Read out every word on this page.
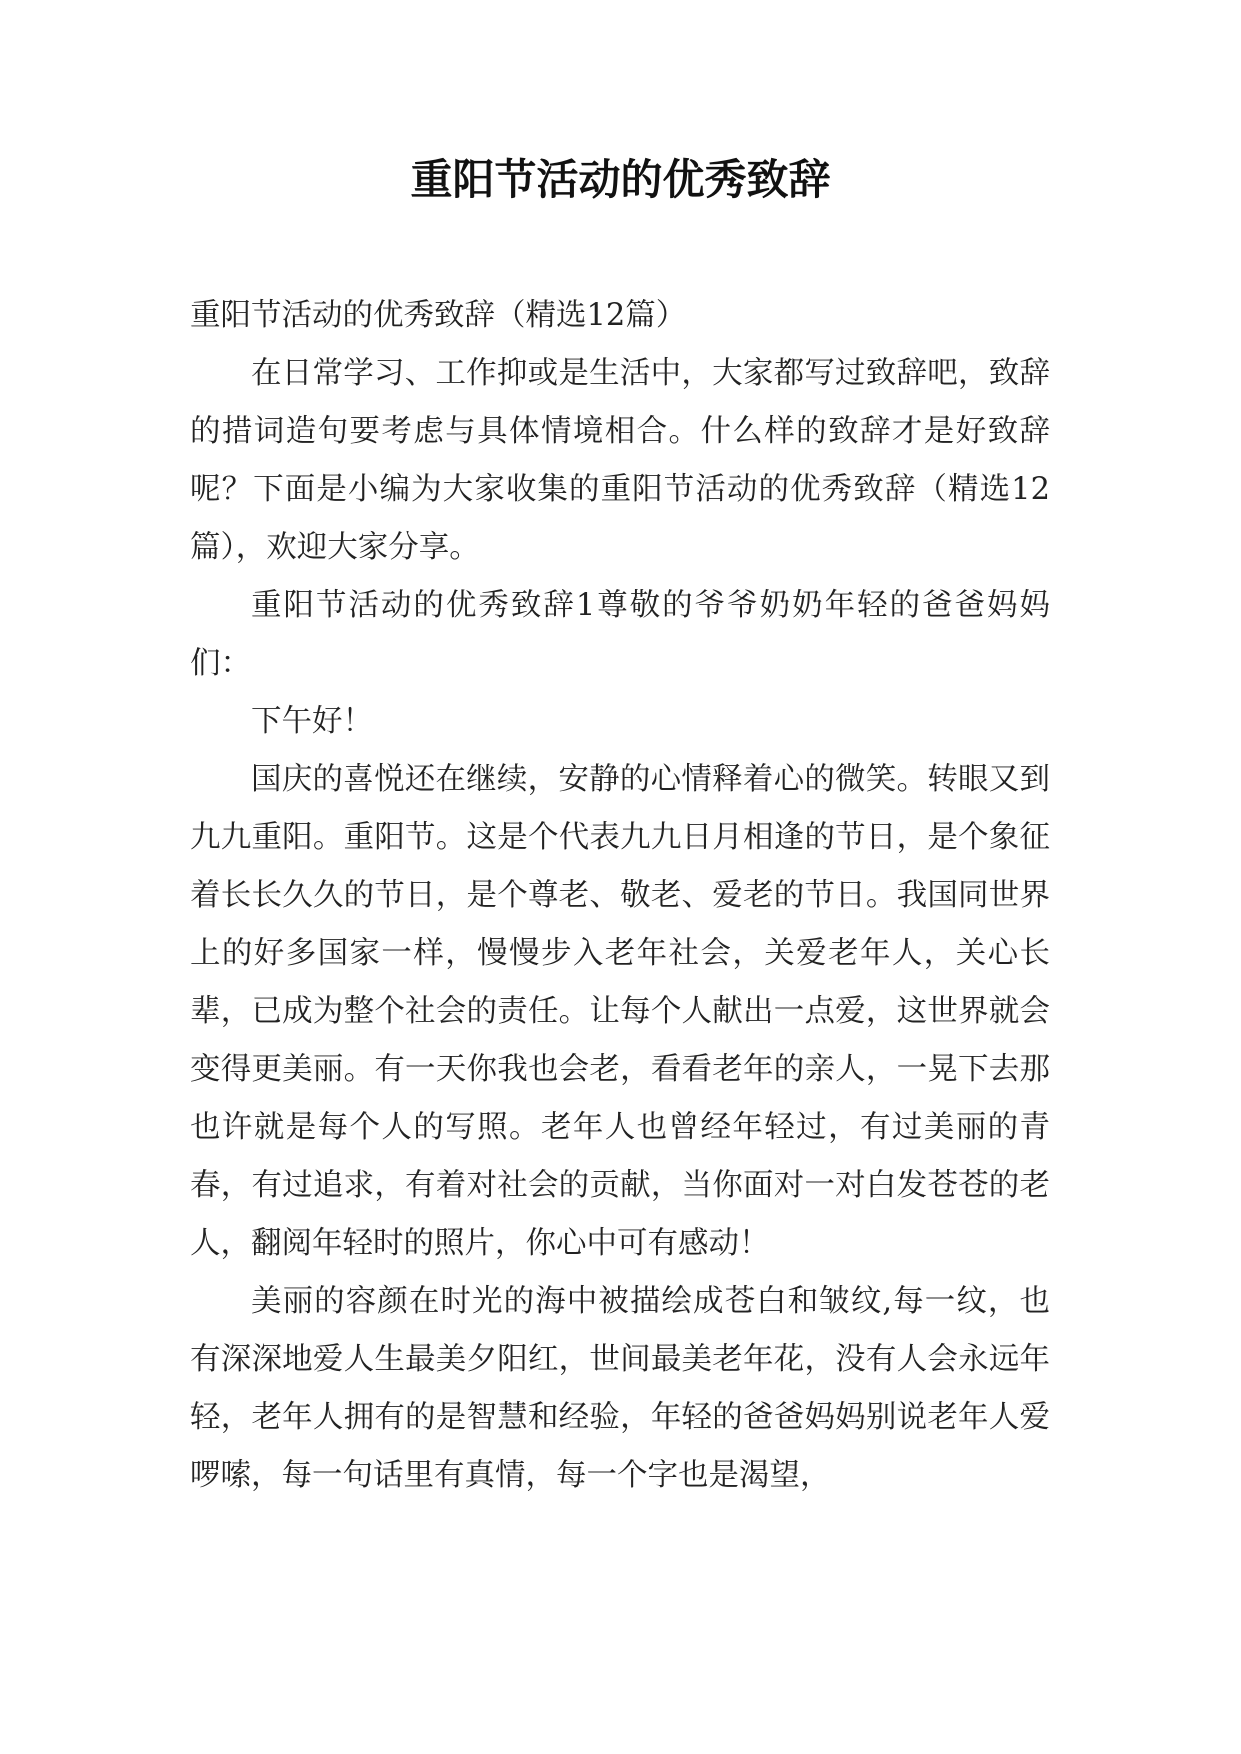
重阳节活动的优秀致辞

重阳节活动的优秀致辞（精选12篇）

在日常学习、工作抑或是生活中，大家都写过致辞吧，致辞的措词造句要考虑与具体情境相合。什么样的致辞才是好致辞呢？下面是小编为大家收集的重阳节活动的优秀致辞（精选12篇），欢迎大家分享。

重阳节活动的优秀致辞1尊敬的爷爷奶奶年轻的爸爸妈妈们：

下午好！

国庆的喜悦还在继续，安静的心情释着心的微笑。转眼又到九九重阳。重阳节。这是个代表九九日月相逢的节日，是个象征着长长久久的节日，是个尊老、敬老、爱老的节日。我国同世界上的好多国家一样，慢慢步入老年社会，关爱老年人，关心长辈，已成为整个社会的责任。让每个人献出一点爱，这世界就会变得更美丽。有一天你我也会老，看看老年的亲人，一晃下去那也许就是每个人的写照。老年人也曾经年轻过，有过美丽的青春，有过追求，有着对社会的贡献，当你面对一对白发苍苍的老人，翻阅年轻时的照片，你心中可有感动！

美丽的容颜在时光的海中被描绘成苍白和皱纹,每一纹，也有深深地爱人生最美夕阳红，世间最美老年花，没有人会永远年轻，老年人拥有的是智慧和经验，年轻的爸爸妈妈别说老年人爱啰嗦，每一句话里有真情，每一个字也是渴望，
